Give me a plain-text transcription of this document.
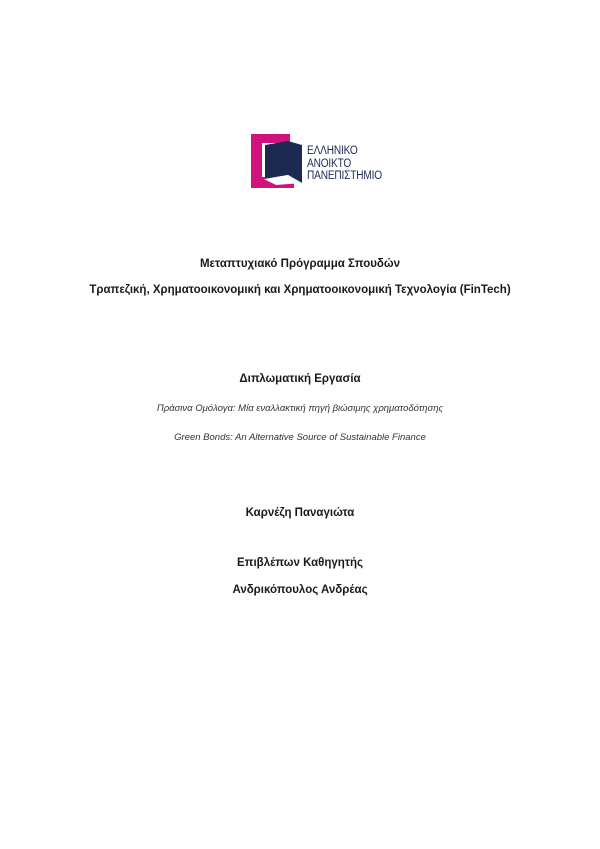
ΕΛΛΗΝΙΚΟ
ΑΝΟΙΚΤΟ
ΠΑΝΕΠΙΣΤΗΜΙΟ
Μεταπτυχιακό Πρόγραμμα Σπουδών
Τραπεζική, Χρηματοοικονομική και Χρηματοοικονομική Τεχνολογία (FinTech)
Διπλωματική Εργασία
Πράσινα Ομόλογα: Μία εναλλακτική πηγή βιώσιμης χρηματοδότησης
Green Bonds: An Alternative Source of Sustainable Finance
Καρνέζη Παναγιώτα
Επιβλέπων Καθηγητής
Ανδρικόπουλος Ανδρέας
